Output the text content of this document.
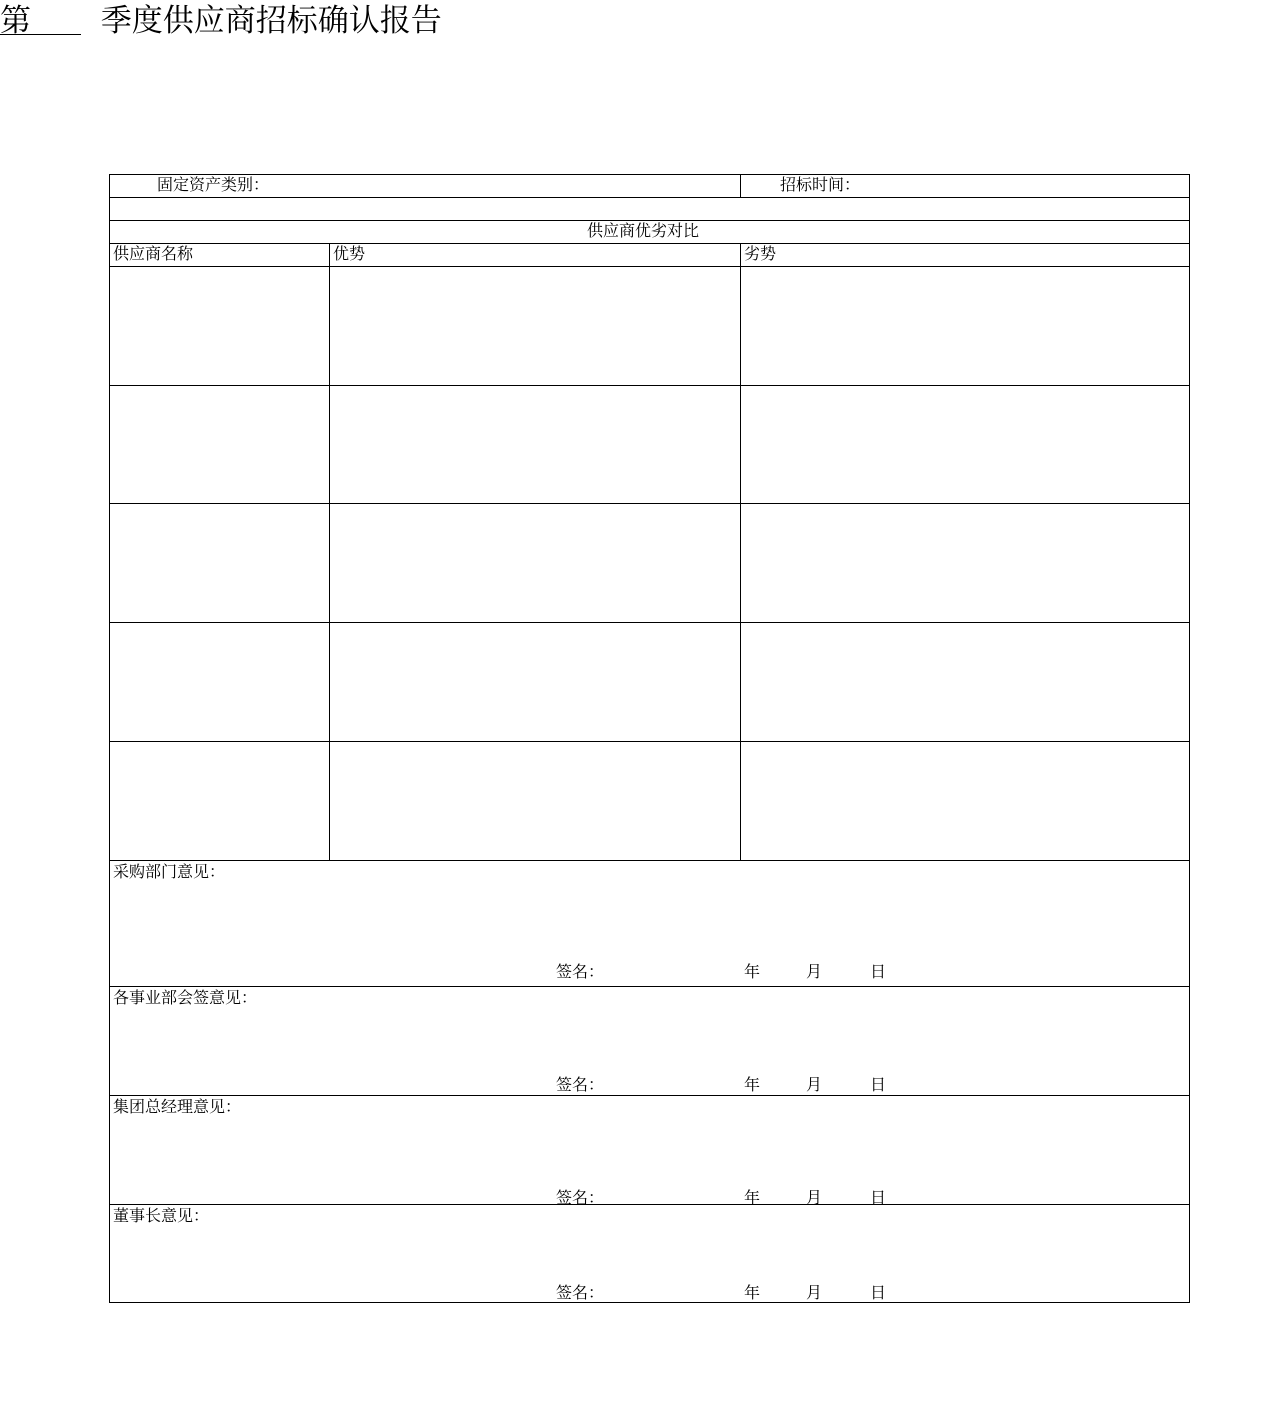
第 季度供应商招标确认报告
固定资产类别：	招标时间：
供应商优劣对比
供应商名称	优势	劣势
采购部门意见：
签名：	年	月	日
各事业部会签意见：
签名：	年	月	日
集团总经理意见：
签名：	年	月	日
董事长意见：
签名：	年	月	日
